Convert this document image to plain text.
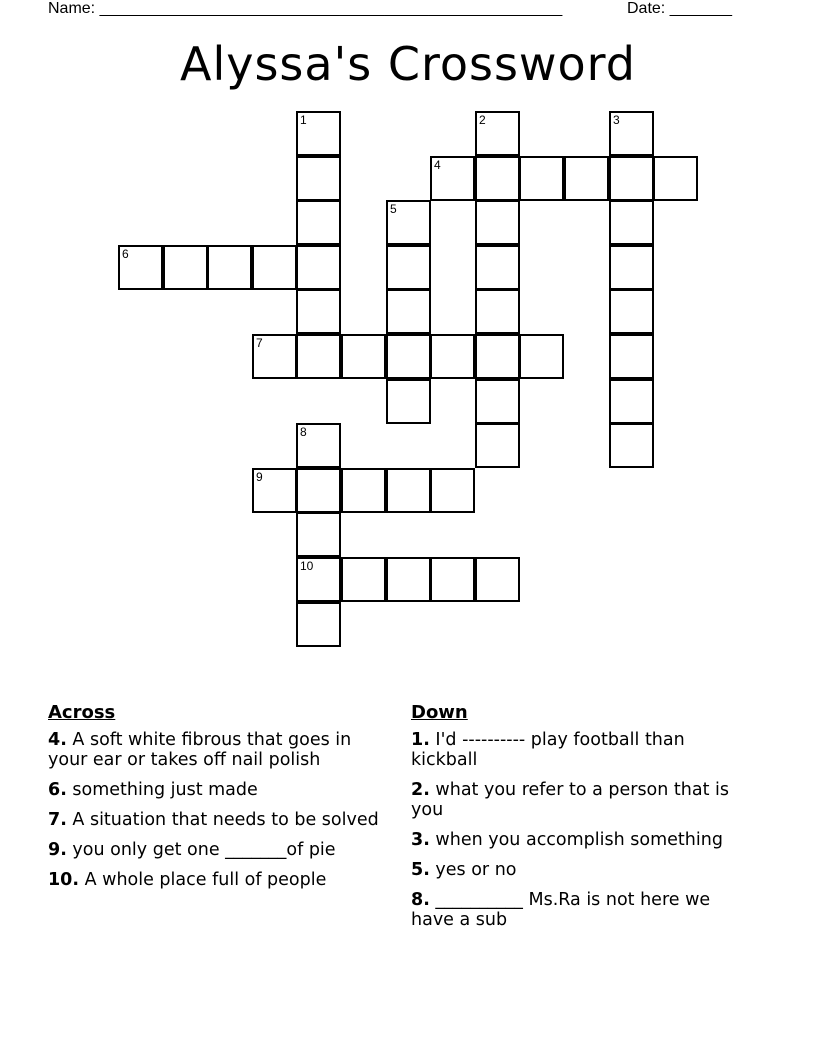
Name: ____________________________________________________	Date: _______
Alyssa's Crossword
4
6
7
9
10
1	2	3
5
8
Across
4. A soft white fibrous that goes in your ear or takes off nail polish
6. something just made
7. A situation that needs to be solved
9. you only get one _______of pie
10. A whole place full of people
Down
1. I'd ---------- play football than kickball
2. what you refer to a person that is you
3. when you accomplish something
5. yes or no
8. __________ Ms.Ra is not here we have a sub
